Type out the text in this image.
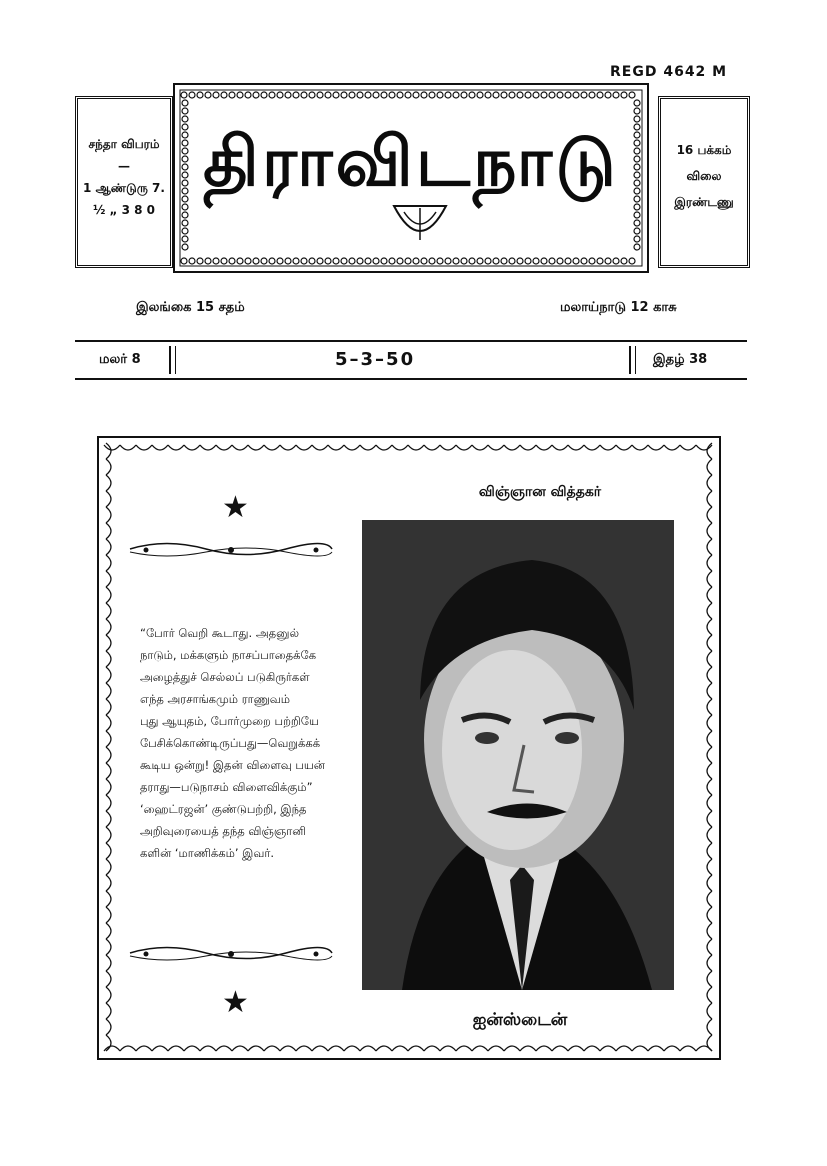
REGD 4642 M
சந்தா விபரம்
—
1 ஆண்டுரு 7.
½ „ 3 8 0
திராவிடநாடு	16 பக்கம்
விலை
இரண்டணு
இலங்கை 15 சதம்	மலாய்நாடு 12 காசு
மலர் 8	5–3–50	இதழ் 38
★

“போர் வெறி கூடாது. அதனுல்

நாடும், மக்களும் நாசப்பாதைக்கே

அழைத்துச் செல்லப் படுகிருர்கள்

எந்த அரசாங்கமும் ராணுவம்

புது ஆயுதம், போர்முறை பற்றியே

பேசிக்கொண்டிருப்பது—வெறுக்கக்

கூடிய ஒன்று! இதன் விளைவு பயன்

தராது—படுநாசம் விளைவிக்கும்”

‘ஹைட்ரஜன்’ குண்டுபற்றி, இந்த

அறிவுரையைத் தந்த விஞ்ஞானி

களின் ‘மாணிக்கம்’ இவர்.

★
விஞ்ஞான வித்தகர்
ஐன்ஸ்டைன்
